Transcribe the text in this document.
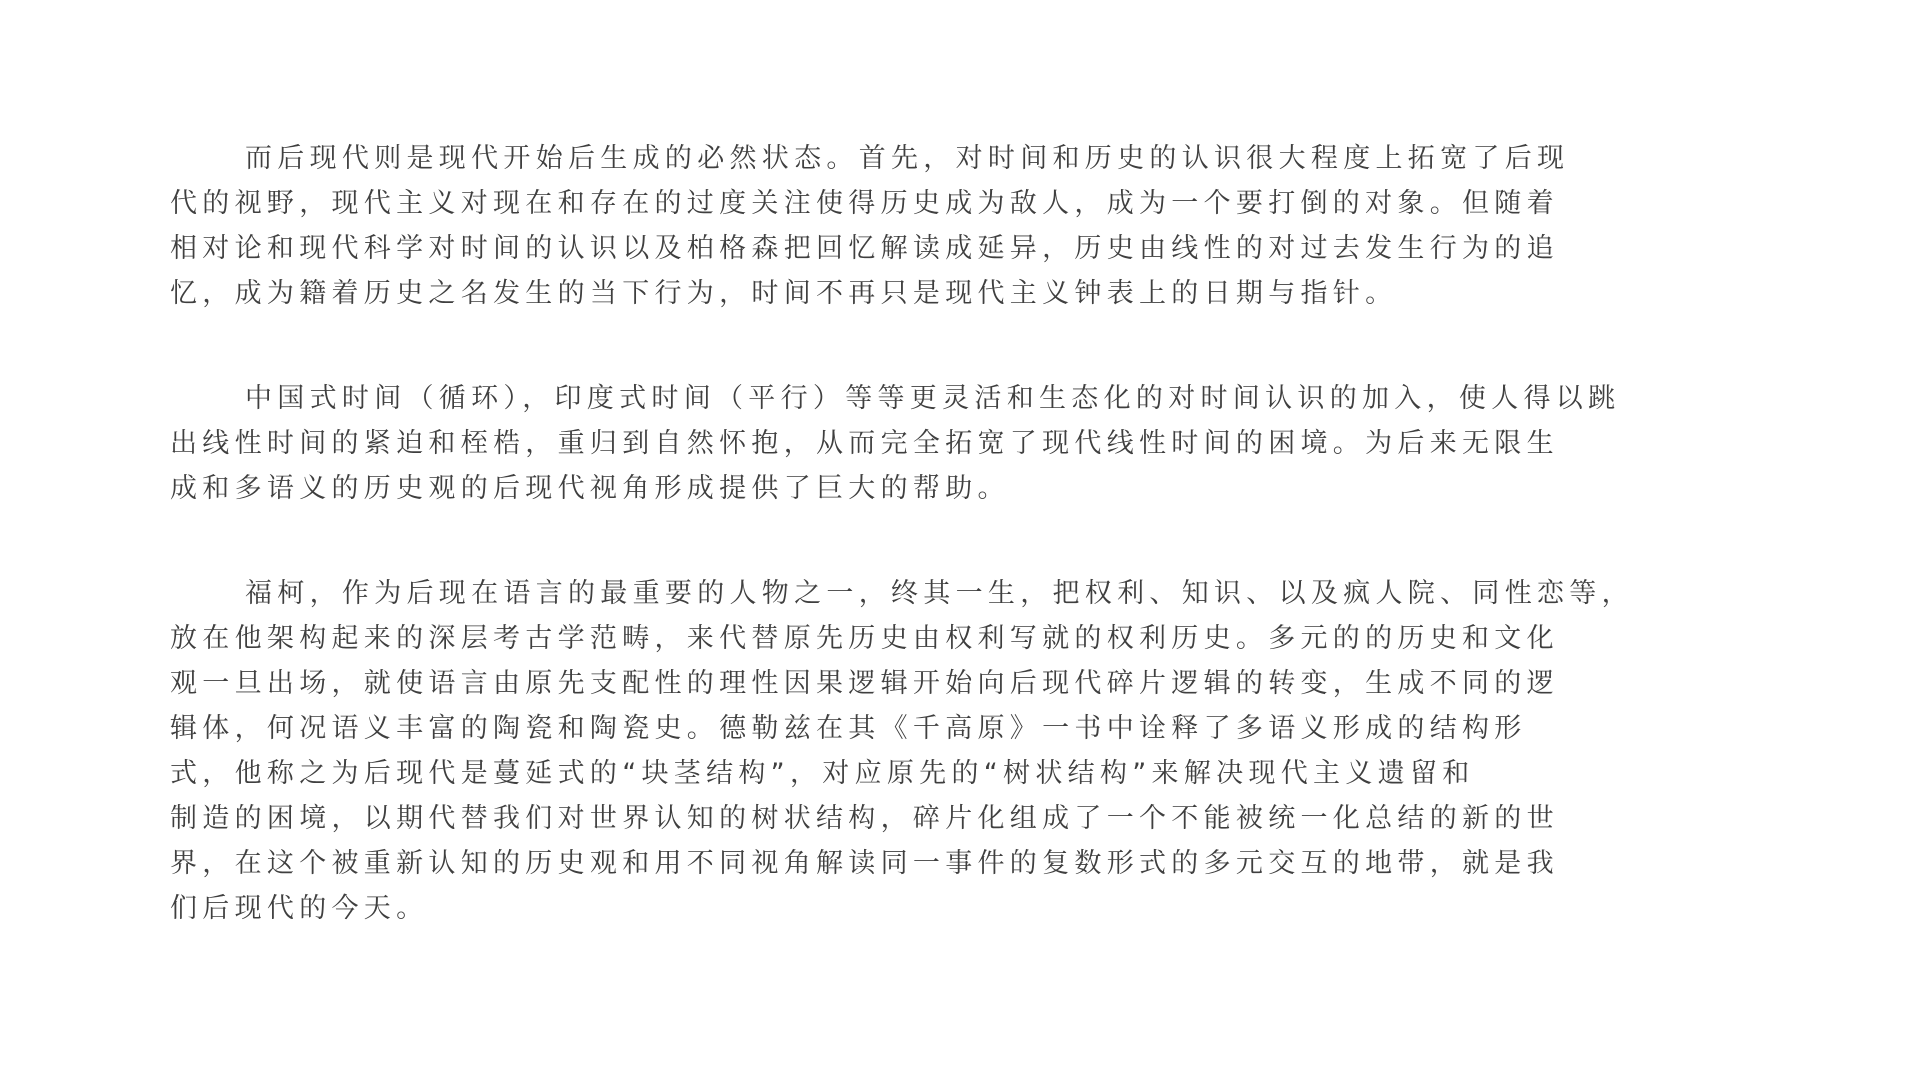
而后现代则是现代开始后生成的必然状态。首先，对时间和历史的认识很大程度上拓宽了后现
代的视野，现代主义对现在和存在的过度关注使得历史成为敌人，成为一个要打倒的对象。但随着
相对论和现代科学对时间的认识以及柏格森把回忆解读成延异，历史由线性的对过去发生行为的追
忆，成为籍着历史之名发生的当下行为，时间不再只是现代主义钟表上的日期与指针。
中国式时间（循环），印度式时间（平行）等等更灵活和生态化的对时间认识的加入，使人得以跳
出线性时间的紧迫和桎梏，重归到自然怀抱，从而完全拓宽了现代线性时间的困境。为后来无限生
成和多语义的历史观的后现代视角形成提供了巨大的帮助。
福柯，作为后现在语言的最重要的人物之一，终其一生，把权利、知识、以及疯人院、同性恋等，
放在他架构起来的深层考古学范畴，来代替原先历史由权利写就的权利历史。多元的的历史和文化
观一旦出场，就使语言由原先支配性的理性因果逻辑开始向后现代碎片逻辑的转变，生成不同的逻
辑体，何况语义丰富的陶瓷和陶瓷史。德勒兹在其《千高原》一书中诠释了多语义形成的结构形
式，他称之为后现代是蔓延式的“块茎结构”，对应原先的“树状结构”来解决现代主义遗留和
制造的困境，以期代替我们对世界认知的树状结构，碎片化组成了一个不能被统一化总结的新的世
界，在这个被重新认知的历史观和用不同视角解读同一事件的复数形式的多元交互的地带，就是我
们后现代的今天。
